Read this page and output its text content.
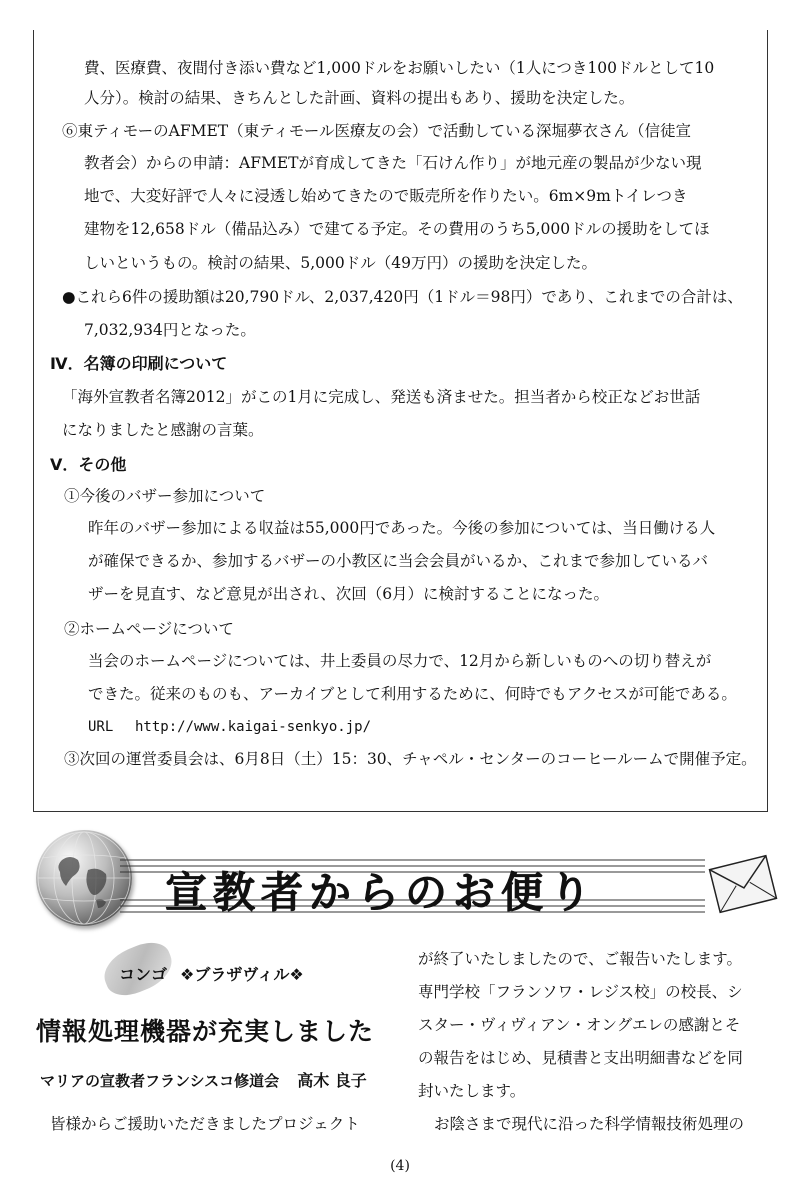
費、医療費、夜間付き添い費など1,000ドルをお願いしたい（1人につき100ドルとして10
人分）。検討の結果、きちんとした計画、資料の提出もあり、援助を決定した。
⑥東ティモーのAFMET（東ティモール医療友の会）で活動している深堀夢衣さん（信徒宣
教者会）からの申請：AFMETが育成してきた「石けん作り」が地元産の製品が少ない現
地で、大変好評で人々に浸透し始めてきたので販売所を作りたい。6m×9mトイレつき
建物を12,658ドル（備品込み）で建てる予定。その費用のうち5,000ドルの援助をしてほ
しいというもの。検討の結果、5,000ドル（49万円）の援助を決定した。
●これら6件の援助額は20,790ドル、2,037,420円（1ドル＝98円）であり、これまでの合計は、
7,032,934円となった。
Ⅳ．名簿の印刷について
「海外宣教者名簿2012」がこの1月に完成し、発送も済ませた。担当者から校正などお世話
になりましたと感謝の言葉。
Ⅴ．その他
①今後のバザー参加について
昨年のバザー参加による収益は55,000円であった。今後の参加については、当日働ける人
が確保できるか、参加するバザーの小教区に当会会員がいるか、これまで参加しているバ
ザーを見直す、など意見が出され、次回（6月）に検討することになった。
②ホームページについて
当会のホームページについては、井上委員の尽力で、12月から新しいものへの切り替えが
できた。従来のものも、アーカイブとして利用するために、何時でもアクセスが可能である。
URL http://www.kaigai-senkyo.jp/
③次回の運営委員会は、6月8日（土）15：30、チャペル・センターのコーヒールームで開催予定。
宣教者からのお便り
コンゴ ❖ブラザヴィル❖
情報処理機器が充実しました
マリアの宣教者フランシスコ修道会 高木 良子
皆様からご援助いただきましたプロジェクト
が終了いたしましたので、ご報告いたします。
専門学校「フランソワ・レジス校」の校長、シ
スター・ヴィヴィアン・オングエレの感謝とそ
の報告をはじめ、見積書と支出明細書などを同
封いたします。
お陰さまで現代に沿った科学情報技術処理の
(4)
